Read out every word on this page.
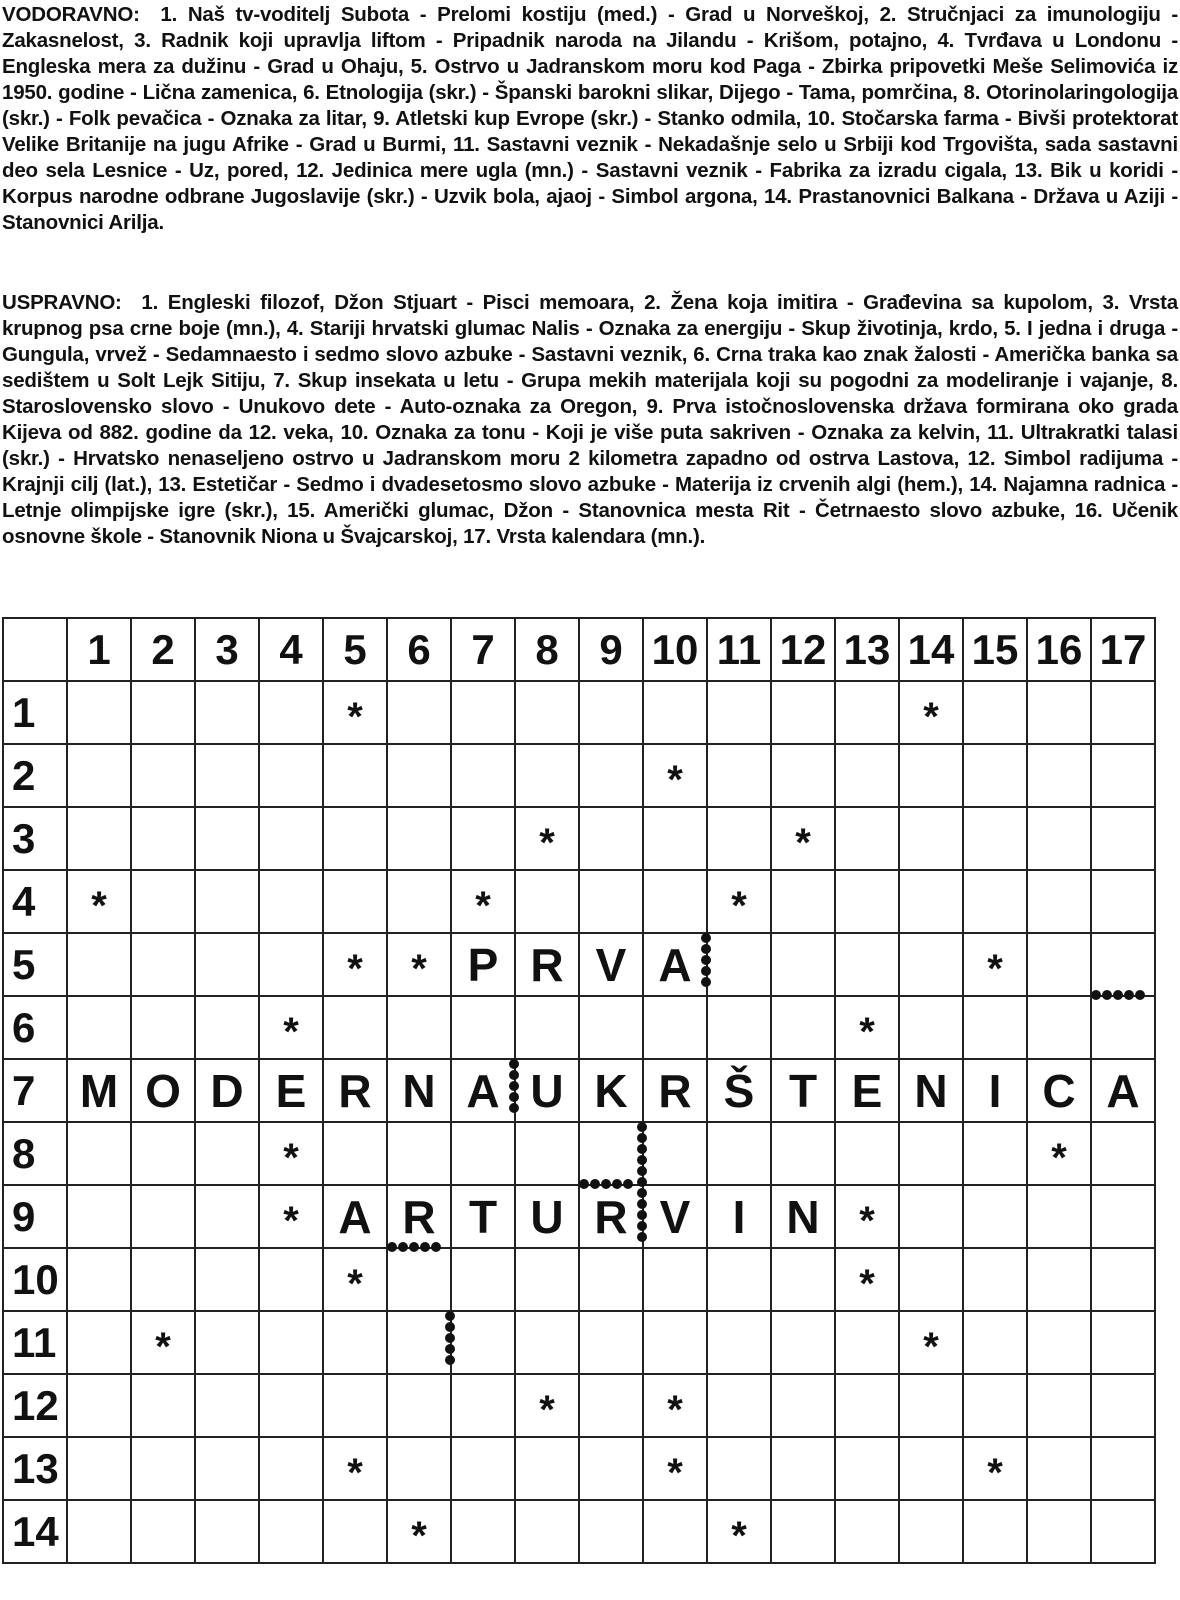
VODORAVNO: 1. Naš tv-voditelj Subota - Prelomi kostiju (med.) - Grad u Norveškoj, 2. Stručnjaci za imunologiju - Zakasnelost, 3. Radnik koji upravlja liftom - Pripadnik naroda na Jilandu - Krišom, potajno, 4. Tvrđava u Londonu - Engleska mera za dužinu - Grad u Ohaju, 5. Ostrvo u Jadranskom moru kod Paga - Zbirka pripovetki Meše Selimovića iz 1950. godine - Lična zamenica, 6. Etnologija (skr.) - Španski barokni slikar, Dijego - Tama, pomrčina, 8. Otorinolaringologija (skr.) - Folk pevačica - Oznaka za litar, 9. Atletski kup Evrope (skr.) - Stanko odmila, 10. Stočarska farma - Bivši protektorat Velike Britanije na jugu Afrike - Grad u Burmi, 11. Sastavni veznik - Nekadašnje selo u Srbiji kod Trgovišta, sada sastavni deo sela Lesnice - Uz, pored, 12. Jedinica mere ugla (mn.) - Sastavni veznik - Fabrika za izradu cigala, 13. Bik u koridi - Korpus narodne odbrane Jugoslavije (skr.) - Uzvik bola, ajaoj - Simbol argona, 14. Prastanovnici Balkana - Država u Aziji - Stanovnici Arilja.
USPRAVNO: 1. Engleski filozof, Džon Stjuart - Pisci memoara, 2. Žena koja imitira - Građevina sa kupolom, 3. Vrsta krupnog psa crne boje (mn.), 4. Stariji hrvatski glumac Nalis - Oznaka za energiju - Skup životinja, krdo, 5. I jedna i druga - Gungula, vrvež - Sedamnaesto i sedmo slovo azbuke - Sastavni veznik, 6. Crna traka kao znak žalosti - Američka banka sa sedištem u Solt Lejk Sitiju, 7. Skup insekata u letu - Grupa mekih materijala koji su pogodni za modeliranje i vajanje, 8. Staroslovensko slovo - Unukovo dete - Auto-oznaka za Oregon, 9. Prva istočnoslovenska država formirana oko grada Kijeva od 882. godine da 12. veka, 10. Oznaka za tonu - Koji je više puta sakriven - Oznaka za kelvin, 11. Ultrakratki talasi (skr.) - Hrvatsko nenaseljeno ostrvo u Jadranskom moru 2 kilometra zapadno od ostrva Lastova, 12. Simbol radijuma - Krajnji cilj (lat.), 13. Estetičar - Sedmo i dvadesetosmo slovo azbuke - Materija iz crvenih algi (hem.), 14. Najamna radnica - Letnje olimpijske igre (skr.), 15. Američki glumac, Džon - Stanovnica mesta Rit - Četrnaesto slovo azbuke, 16. Učenik osnovne škole - Stanovnik Niona u Švajcarskoj, 17. Vrsta kalendara (mn.).
	1	2	3	4	5	6	7	8	9	10	11	12	13	14	15	16	17
1					*									*			
2										*							
3								*				*					
4	*						*				*						
5					*	*	P	R	V	A					*		
6				*									*				
7	M	O	D	E	R	N	A	U	K	R	Š	T	E	N	I	C	A
8				*												*	
9				*	A	R	T	U	R	V	I	N	*				
10					*								*				
11		*												*			
12								*		*							
13					*					*					*		
14						*					*						
